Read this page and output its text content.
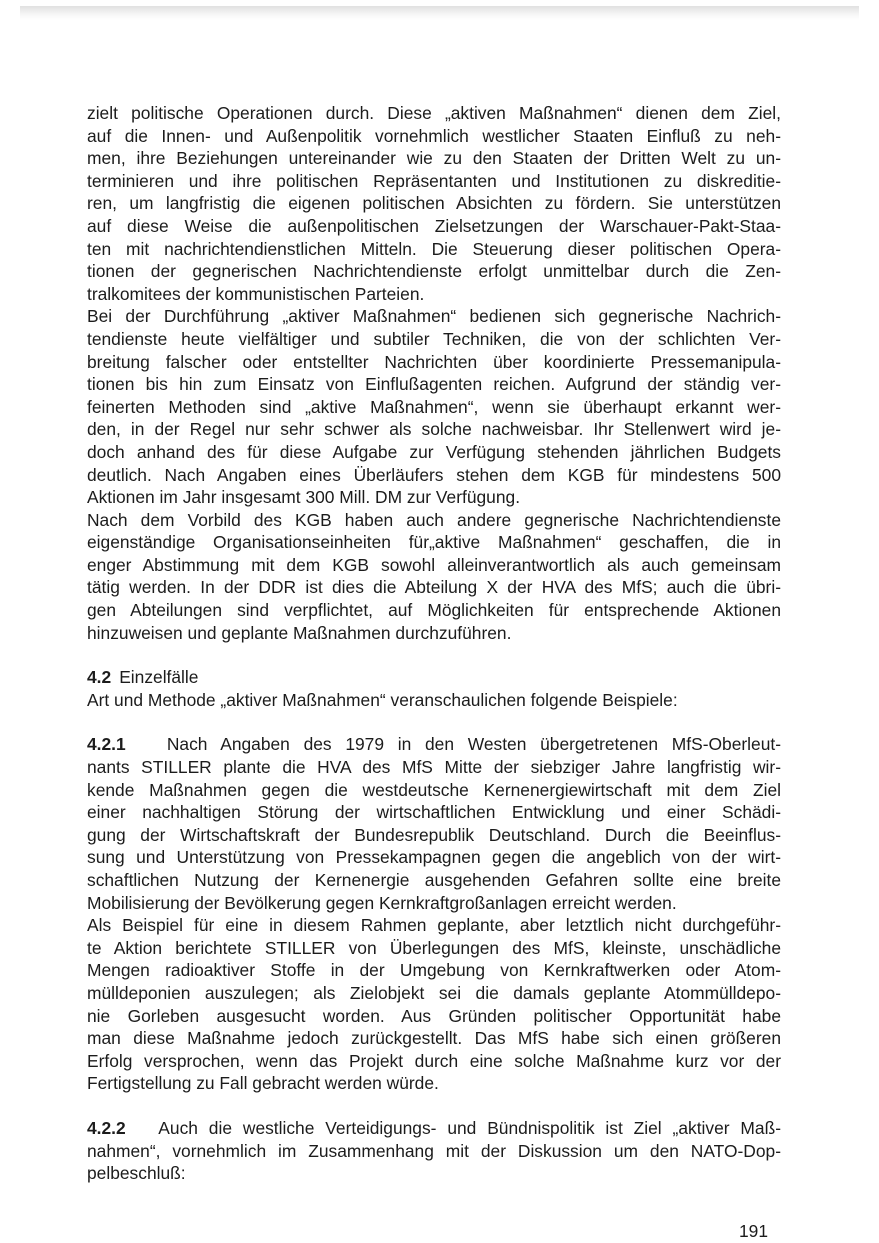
zielt politische Operationen durch. Diese „aktiven Maßnahmen“ dienen dem Ziel,
auf die Innen- und Außenpolitik vornehmlich westlicher Staaten Einfluß zu neh-
men, ihre Beziehungen untereinander wie zu den Staaten der Dritten Welt zu un-
terminieren und ihre politischen Repräsentanten und Institutionen zu diskreditie-
ren, um langfristig die eigenen politischen Absichten zu fördern. Sie unterstützen
auf diese Weise die außenpolitischen Zielsetzungen der Warschauer-Pakt-Staa-
ten mit nachrichtendienstlichen Mitteln. Die Steuerung dieser politischen Opera-
tionen der gegnerischen Nachrichtendienste erfolgt unmittelbar durch die Zen-
tralkomitees der kommunistischen Parteien.
Bei der Durchführung „aktiver Maßnahmen“ bedienen sich gegnerische Nachrich-
tendienste heute vielfältiger und subtiler Techniken, die von der schlichten Ver-
breitung falscher oder entstellter Nachrichten über koordinierte Pressemanipula-
tionen bis hin zum Einsatz von Einflußagenten reichen. Aufgrund der ständig ver-
feinerten Methoden sind „aktive Maßnahmen“, wenn sie überhaupt erkannt wer-
den, in der Regel nur sehr schwer als solche nachweisbar. Ihr Stellenwert wird je-
doch anhand des für diese Aufgabe zur Verfügung stehenden jährlichen Budgets
deutlich. Nach Angaben eines Überläufers stehen dem KGB für mindestens 500
Aktionen im Jahr insgesamt 300 Mill. DM zur Verfügung.
Nach dem Vorbild des KGB haben auch andere gegnerische Nachrichtendienste
eigenständige Organisationseinheiten für„aktive Maßnahmen“ geschaffen, die in
enger Abstimmung mit dem KGB sowohl alleinverantwortlich als auch gemeinsam
tätig werden. In der DDR ist dies die Abteilung X der HVA des MfS; auch die übri-
gen Abteilungen sind verpflichtet, auf Möglichkeiten für entsprechende Aktionen
hinzuweisen und geplante Maßnahmen durchzuführen.
4.2 Einzelfälle
Art und Methode „aktiver Maßnahmen“ veranschaulichen folgende Beispiele:
4.2.1 Nach Angaben des 1979 in den Westen übergetretenen MfS-Oberleut-
nants STILLER plante die HVA des MfS Mitte der siebziger Jahre langfristig wir-
kende Maßnahmen gegen die westdeutsche Kernenergiewirtschaft mit dem Ziel
einer nachhaltigen Störung der wirtschaftlichen Entwicklung und einer Schädi-
gung der Wirtschaftskraft der Bundesrepublik Deutschland. Durch die Beeinflus-
sung und Unterstützung von Pressekampagnen gegen die angeblich von der wirt-
schaftlichen Nutzung der Kernenergie ausgehenden Gefahren sollte eine breite
Mobilisierung der Bevölkerung gegen Kernkraftgroßanlagen erreicht werden.
Als Beispiel für eine in diesem Rahmen geplante, aber letztlich nicht durchgeführ-
te Aktion berichtete STILLER von Überlegungen des MfS, kleinste, unschädliche
Mengen radioaktiver Stoffe in der Umgebung von Kernkraftwerken oder Atom-
mülldeponien auszulegen; als Zielobjekt sei die damals geplante Atommülldepo-
nie Gorleben ausgesucht worden. Aus Gründen politischer Opportunität habe
man diese Maßnahme jedoch zurückgestellt. Das MfS habe sich einen größeren
Erfolg versprochen, wenn das Projekt durch eine solche Maßnahme kurz vor der
Fertigstellung zu Fall gebracht werden würde.
4.2.2 Auch die westliche Verteidigungs- und Bündnispolitik ist Ziel „aktiver Maß-
nahmen“, vornehmlich im Zusammenhang mit der Diskussion um den NATO-Dop-
pelbeschluß:
191
